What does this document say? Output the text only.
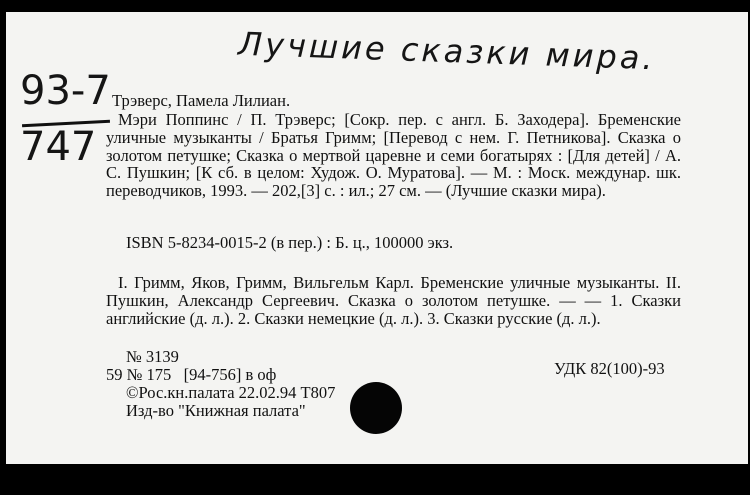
Лучшие сказки мира.
93-7
747
Трэверс, Памела Лилиан.
Мэри Поппинс / П. Трэверс; [Сокр. пер. с англ. Б. Заходера]. Бременские уличные музыканты / Братья Гримм; [Перевод с нем. Г. Петникова]. Сказка о золотом петушке; Сказка о мертвой царевне и семи богатырях : [Для детей] / А. С. Пушкин; [К сб. в целом: Худож. О. Муратова]. — М. : Моск. междунар. шк. переводчиков, 1993. — 202,[3] с. : ил.; 27 см. — (Лучшие сказки мира).
ISBN 5-8234-0015-2 (в пер.) : Б. ц., 100000 экз.
I. Гримм, Яков, Гримм, Вильгельм Карл. Бременские уличные музыканты. II. Пушкин, Александр Сергеевич. Сказка о золотом петушке. — — 1. Сказки английские (д. л.). 2. Сказки немецкие (д. л.). 3. Сказки русские (д. л.).
№ 3139
59 № 175   [94-756] в оф
©Рос.кн.палата 22.02.94 Т807
Изд-во "Книжная палата"
УДК 82(100)-93
